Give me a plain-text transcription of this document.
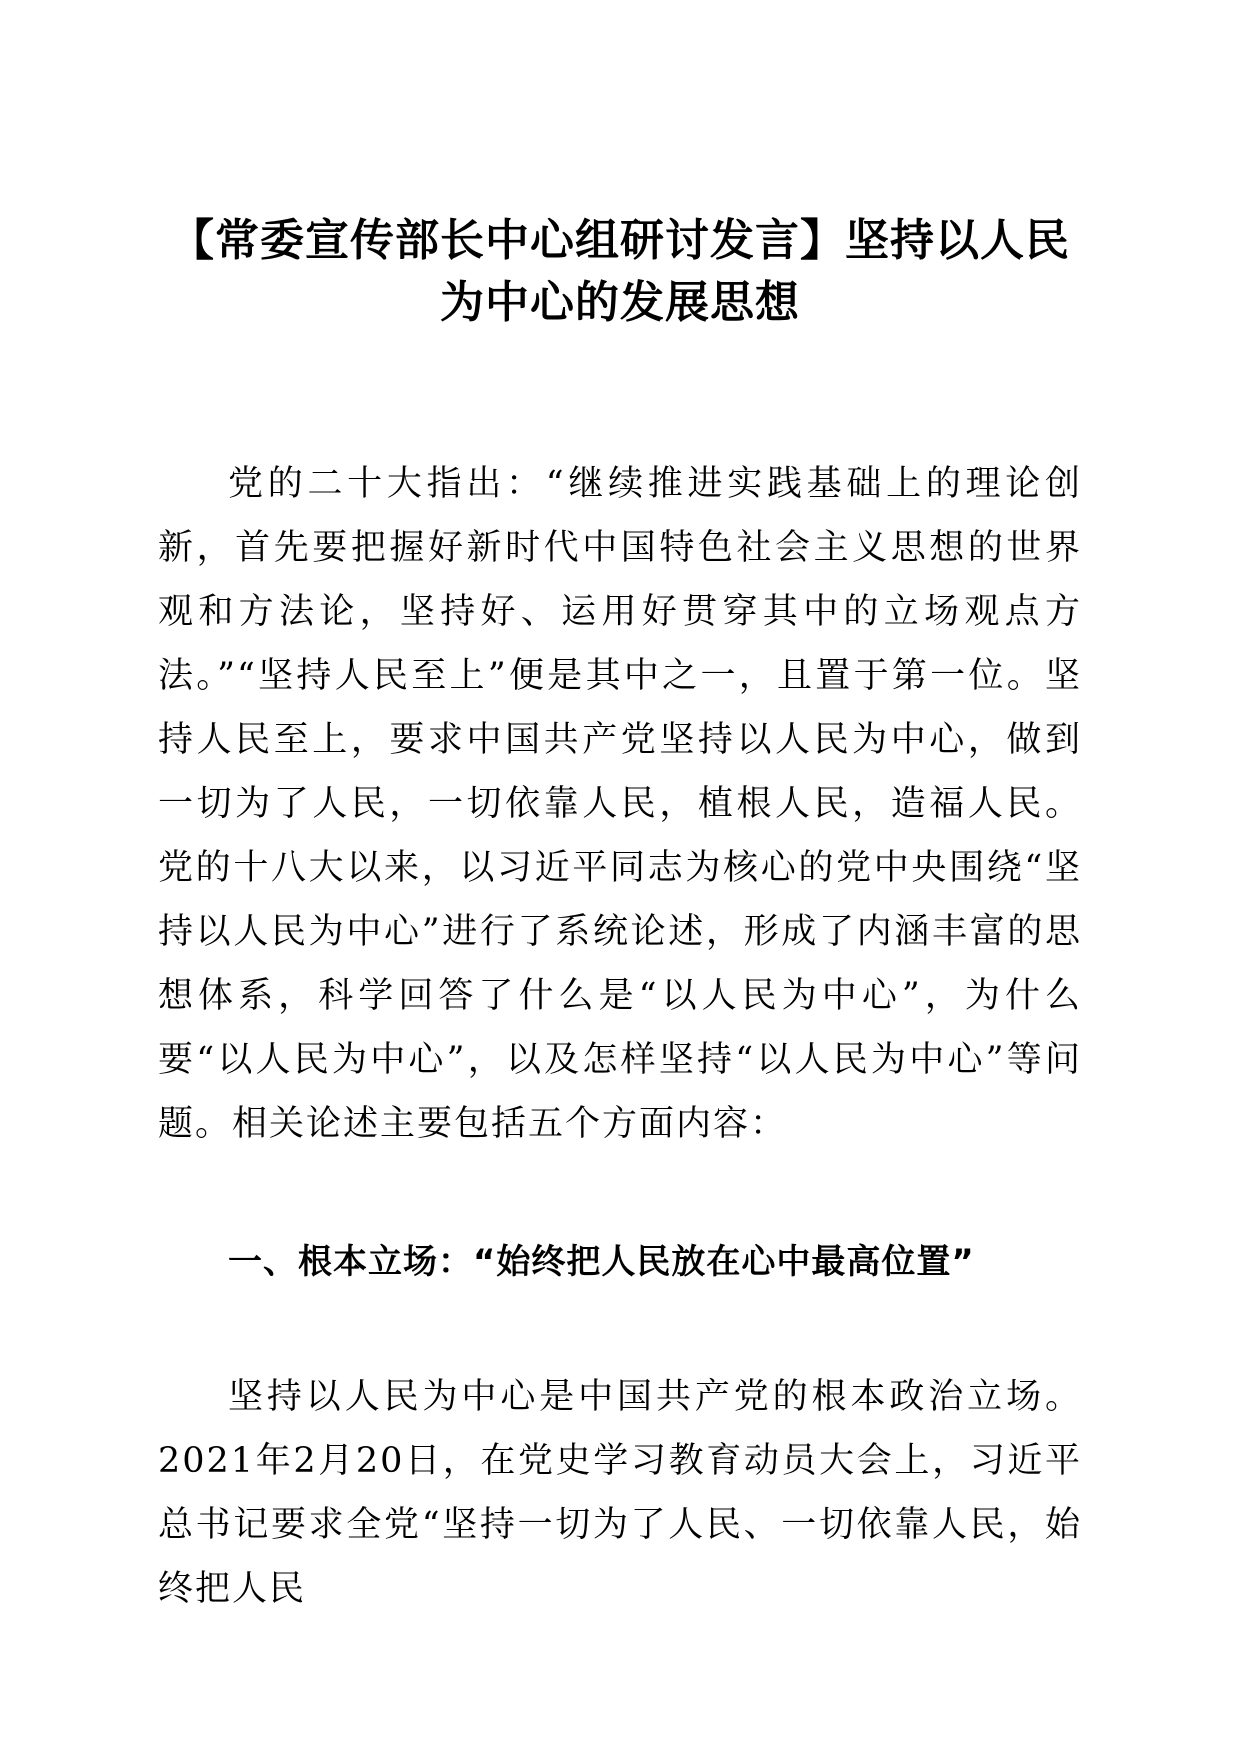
【常委宣传部长中心组研讨发言】坚持以人民
为中心的发展思想

党的二十大指出：“继续推进实践基础上的理论创新，首先要把握好新时代中国特色社会主义思想的世界观和方法论，坚持好、运用好贯穿其中的立场观点方法。”“坚持人民至上”便是其中之一，且置于第一位。坚持人民至上，要求中国共产党坚持以人民为中心，做到一切为了人民，一切依靠人民，植根人民，造福人民。党的十八大以来，以习近平同志为核心的党中央围绕“坚持以人民为中心”进行了系统论述，形成了内涵丰富的思想体系，科学回答了什么是“以人民为中心”，为什么要“以人民为中心”，以及怎样坚持“以人民为中心”等问题。相关论述主要包括五个方面内容：

一、根本立场：“始终把人民放在心中最高位置”

坚持以人民为中心是中国共产党的根本政治立场。2021年2月20日，在党史学习教育动员大会上，习近平总书记要求全党“坚持一切为了人民、一切依靠人民，始终把人民
